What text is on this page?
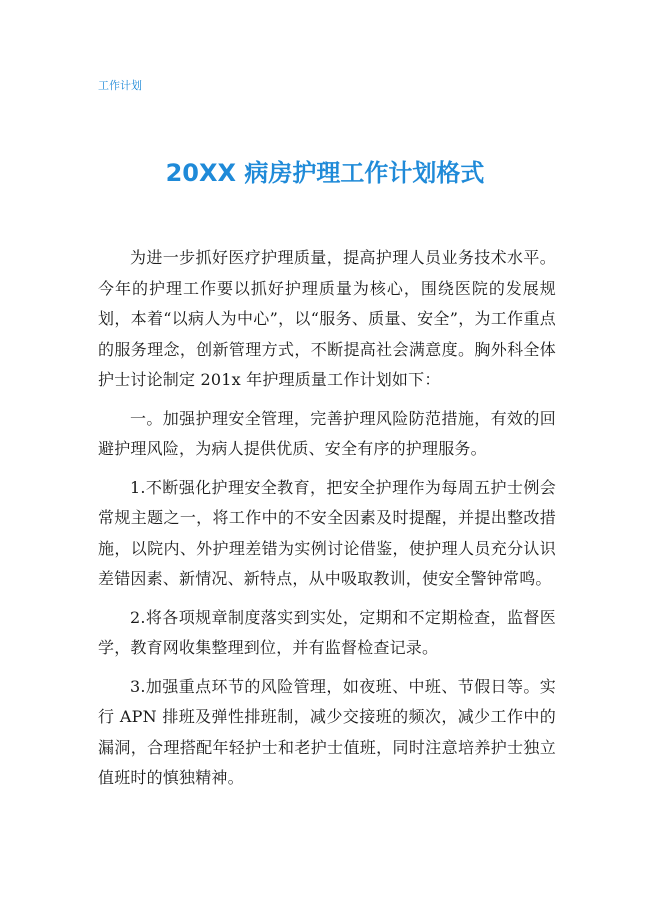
工作计划
20XX 病房护理工作计划格式

为进一步抓好医疗护理质量，提高护理人员业务技术水平。今年的护理工作要以抓好护理质量为核心，围绕医院的发展规划，本着“以病人为中心”，以“服务、质量、安全”，为工作重点的服务理念，创新管理方式，不断提高社会满意度。胸外科全体护士讨论制定 201x 年护理质量工作计划如下：

一。加强护理安全管理，完善护理风险防范措施，有效的回避护理风险，为病人提供优质、安全有序的护理服务。

1.不断强化护理安全教育，把安全护理作为每周五护士例会常规主题之一，将工作中的不安全因素及时提醒，并提出整改措施，以院内、外护理差错为实例讨论借鉴，使护理人员充分认识差错因素、新情况、新特点，从中吸取教训，使安全警钟常鸣。

2.将各项规章制度落实到实处，定期和不定期检查，监督医学，教育网收集整理到位，并有监督检查记录。

3.加强重点环节的风险管理，如夜班、中班、节假日等。实行 APN 排班及弹性排班制，减少交接班的频次，减少工作中的漏洞，合理搭配年轻护士和老护士值班，同时注意培养护士独立值班时的慎独精神。
